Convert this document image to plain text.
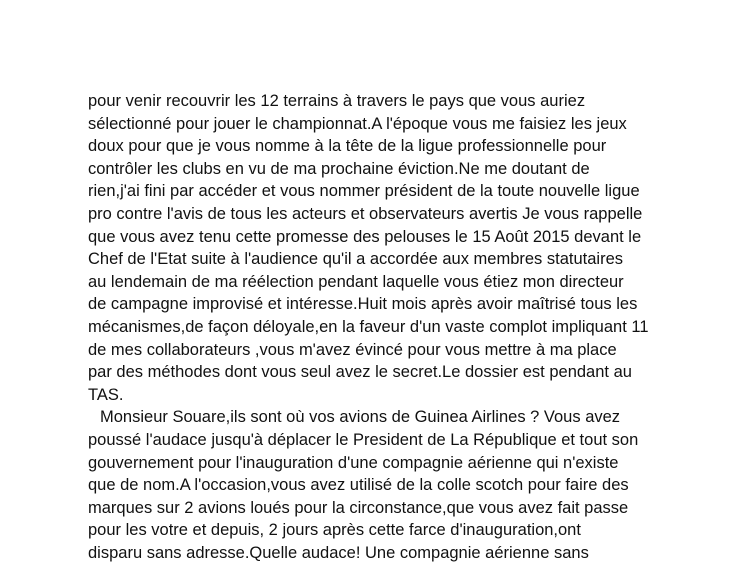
pour venir recouvrir les 12 terrains à travers le pays que vous auriez
sélectionné pour jouer le championnat.A l'époque vous me faisiez les jeux
doux pour que je vous nomme à la tête de la ligue professionnelle pour
contrôler les clubs en vu de ma prochaine éviction.Ne me doutant de
rien,j'ai fini par accéder et vous nommer président de la toute nouvelle ligue
pro contre l'avis de tous les acteurs et observateurs avertis Je vous rappelle
que vous avez tenu cette promesse des pelouses le 15 Août 2015 devant le
Chef de l'Etat suite à l'audience qu'il a accordée aux membres statutaires
au lendemain de ma réélection pendant laquelle vous étiez mon directeur
de campagne improvisé et intéresse.Huit mois après avoir maîtrisé tous les
mécanismes,de façon déloyale,en la faveur d'un vaste complot impliquant 11
de mes collaborateurs ,vous m'avez évincé pour vous mettre à ma place
par des méthodes dont vous seul avez le secret.Le dossier est pendant au
TAS.
Monsieur Souare,ils sont où vos avions de Guinea Airlines ? Vous avez
poussé l'audace jusqu'à déplacer le President de La République et tout son
gouvernement pour l'inauguration d'une compagnie aérienne qui n'existe
que de nom.A l'occasion,vous avez utilisé de la colle scotch pour faire des
marques sur 2 avions loués pour la circonstance,que vous avez fait passe
pour les votre et depuis, 2 jours après cette farce d'inauguration,ont
disparu sans adresse.Quelle audace! Une compagnie aérienne sans
